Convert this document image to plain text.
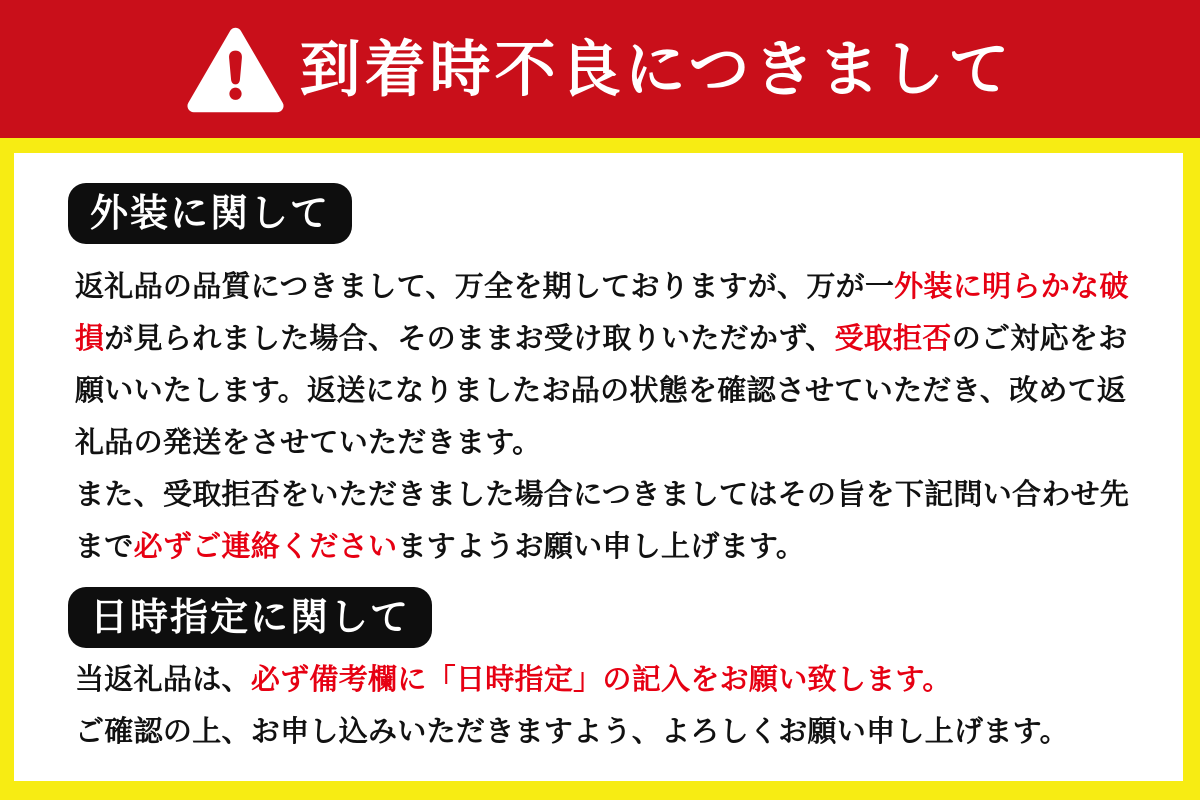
到着時不良につきまして
外装に関して
返礼品の品質につきまして、万全を期しておりますが、万が一外装に明らかな破
損が見られました場合、そのままお受け取りいただかず、受取拒否のご対応をお
願いいたします。返送になりましたお品の状態を確認させていただき、改めて返
礼品の発送をさせていただきます。
また、受取拒否をいただきました場合につきましてはその旨を下記問い合わせ先
まで必ずご連絡くださいますようお願い申し上げます。
日時指定に関して
当返礼品は、必ず備考欄に「日時指定」の記入をお願い致します。
ご確認の上、お申し込みいただきますよう、よろしくお願い申し上げます。
